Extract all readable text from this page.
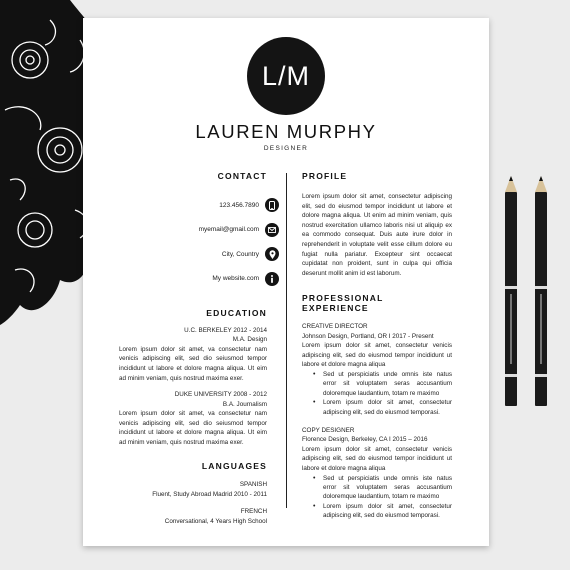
L/M
LAUREN MURPHY
DESIGNER
CONTACT
123.456.7890
myemail@gmail.com
City, Country
My website.com
EDUCATION
U.C. BERKELEY 2012 - 2014
M.A. Design
Lorem ipsum dolor sit amet, va consectetur nam venicis adipiscing elit, sed dio seiusmod tempor incididunt ut labore et dolore magna aliqua. Ut eim ad minim veniam, quis nostrud maxima exer.
DUKE UNIVERSITY 2008 - 2012
B.A. Journalism
Lorem ipsum dolor sit amet, va consectetur nam venicis adipiscing elit, sed dio seiusmod tempor incididunt ut labore et dolore magna aliqua. Ut eim ad minim veniam, quis nostrud maxima exer.
LANGUAGES
SPANISH
Fluent, Study Abroad Madrid 2010 - 2011
FRENCH
Conversational, 4 Years High School
PROFILE
Lorem ipsum dolor sit amet, consectetur adipiscing elit, sed do eiusmod tempor incididunt ut labore et dolore magna aliqua. Ut enim ad minim veniam, quis nostrud exercitation ullamco laboris nisi ut aliquip ex ea commodo consequat. Duis aute irure dolor in reprehenderit in voluptate velit esse cillum dolore eu fugiat nulla pariatur. Excepteur sint occaecat cupidatat non proident, sunt in culpa qui officia deserunt mollit anim id est laborum.
PROFESSIONAL EXPERIENCE
CREATIVE DIRECTOR
Johnson Design, Portland, OR I 2017 - Present
Lorem ipsum dolor sit amet, consectetur venicis adipiscing elit, sed do eiusmod tempor incididunt ut labore et dolore magna aliqua
• Sed ut perspiciatis unde omnis iste natus error sit voluptatem seras accusantium doloremque laudantium, totam re maximo
• Lorem ipsum dolor sit amet, consectetur adipiscing elit, sed do eiusmod temporasi.
COPY DESIGNER
Florence Design, Berkeley, CA I 2015 – 2016
Lorem ipsum dolor sit amet, consectetur venicis adipiscing elit, sed do eiusmod tempor incididunt ut labore et dolore magna aliqua
• Sed ut perspiciatis unde omnis iste natus error sit voluptatem seras accusantium doloremque laudantium, totam re maximo
• Lorem ipsum dolor sit amet, consectetur adipiscing elit, sed do eiusmod temporasi.
